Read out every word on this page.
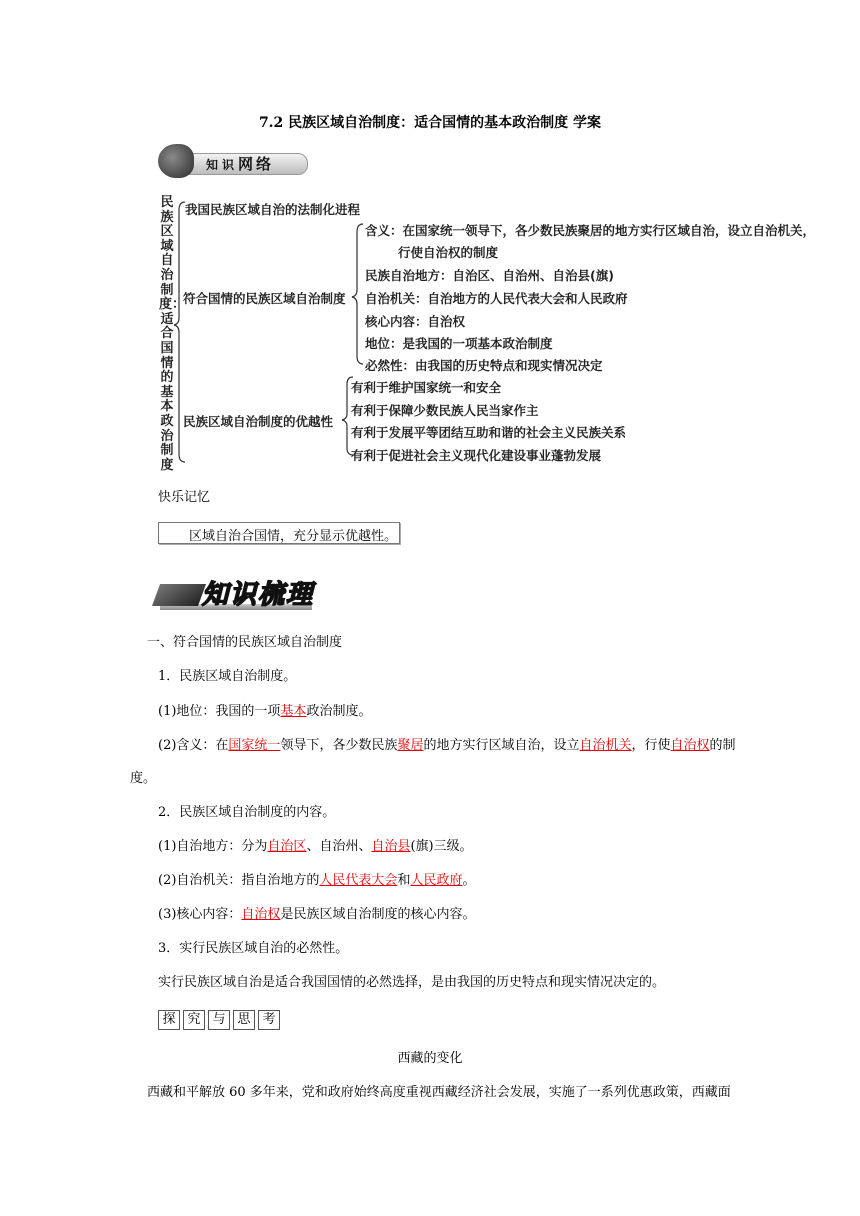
7.2 民族区域自治制度：适合国情的基本政治制度 学案
知识网络
民族区域自治制度：适合国情的基本政治制度
我国民族区域自治的法制化进程
符合国情的民族区域自治制度
含义：在国家统一领导下，各少数民族聚居的地方实行区域自治，设立自治机关，
行使自治权的制度
民族自治地方：自治区、自治州、自治县(旗)
自治机关：自治地方的人民代表大会和人民政府
核心内容：自治权
地位：是我国的一项基本政治制度
必然性：由我国的历史特点和现实情况决定
民族区域自治制度的优越性
有利于维护国家统一和安全
有利于保障少数民族人民当家作主
有利于发展平等团结互助和谐的社会主义民族关系
有利于促进社会主义现代化建设事业蓬勃发展
快乐记忆
区域自治合国情，充分显示优越性。
知识梳理
一、符合国情的民族区域自治制度
1．民族区域自治制度。
(1)地位：我国的一项基本政治制度。
(2)含义：在国家统一领导下，各少数民族聚居的地方实行区域自治，设立自治机关，行使自治权的制
度。
2．民族区域自治制度的内容。
(1)自治地方：分为自治区、自治州、自治县(旗)三级。
(2)自治机关：指自治地方的人民代表大会和人民政府。
(3)核心内容：自治权是民族区域自治制度的核心内容。
3．实行民族区域自治的必然性。
实行民族区域自治是适合我国国情的必然选择，是由我国的历史特点和现实情况决定的。
探 究 与 思 考
西藏的变化
西藏和平解放 60 多年来，党和政府始终高度重视西藏经济社会发展，实施了一系列优惠政策，西藏面
